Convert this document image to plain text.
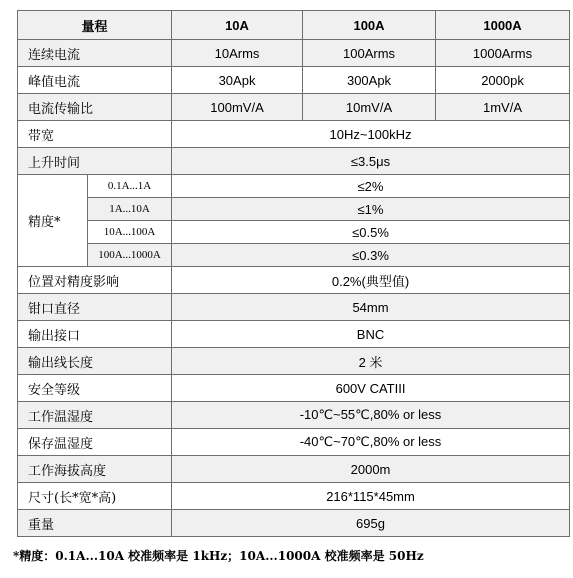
量程		10A	100A	1000A
连续电流		10Arms	100Arms	1000Arms
峰值电流		30Apk	300Apk	2000pk
电流传输比		100mV/A	10mV/A	1mV/A
带宽		10Hz~100kHz		
上升时间		≤3.5μs		
精度*	0.1A...1A	≤2%		
	1A...10A	≤1%		
	10A...100A	≤0.5%		
	100A...1000A	≤0.3%		
位置对精度影响		0.2%(典型值)		
钳口直径		54mm		
输出接口		BNC		
输出线长度		2 米		
安全等级		600V CATIII		
工作温湿度		-10℃~55℃,80% or less		
保存温湿度		-40℃~70℃,80% or less		
工作海拔高度		2000m		
尺寸(长*宽*高)		216*115*45mm		
重量		695g		
*精度：0.1A...10A 校准频率是 1kHz；10A...1000A 校准频率是 50Hz
